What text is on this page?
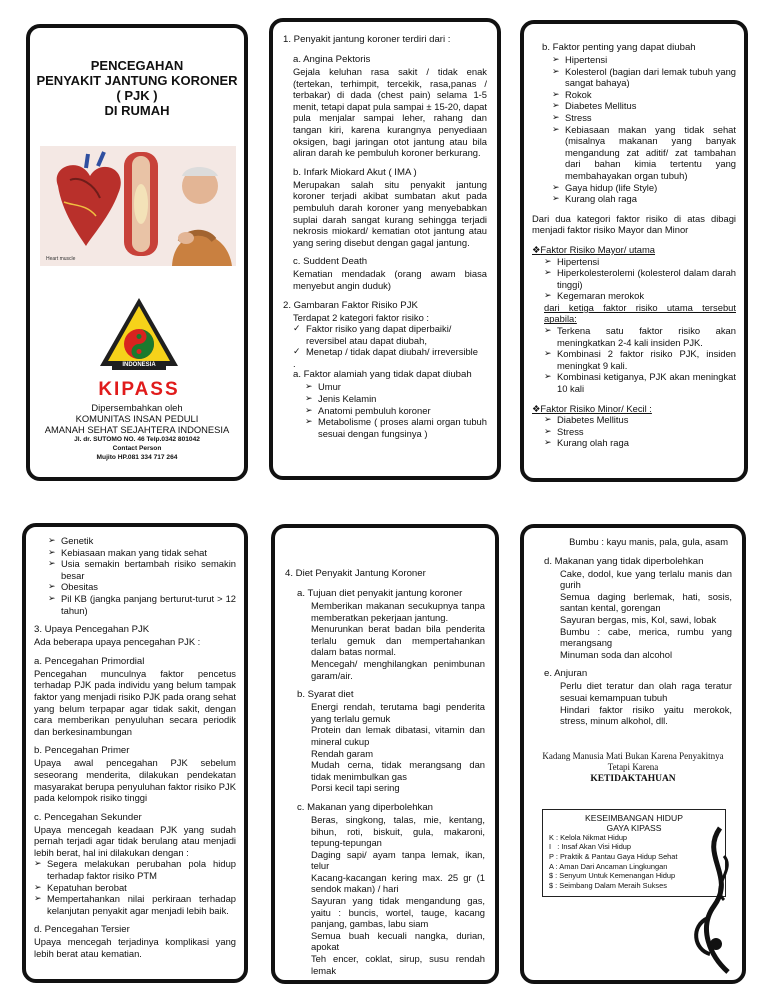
PENCEGAHAN
PENYAKIT JANTUNG KORONER
( PJK )
DI RUMAH
Heart muscle
INDONESIA
KIPASS
Dipersembahkan oleh
KOMUNITAS INSAN PEDULI
AMANAH SEHAT SEJAHTERA INDONESIA
Jl. dr. SUTOMO NO. 46 Telp.0342 801042
Contact Person
Mujito HP.081 334 717 264

1. Penyakit jantung koroner terdiri dari :

a. Angina Pektoris

Gejala keluhan rasa sakit / tidak enak (tertekan, terhimpit, tercekik, rasa,panas / terbakar) di dada (chest pain) selama 1-5 menit, tetapi dapat pula sampai ± 15-20, dapat pula menjalar sampai leher, rahang dan tangan kiri, karena kurangnya penyediaan oksigen, bagi jaringan otot jantung atau bila aliran darah ke pembuluh koroner berkurang.

b. Infark Miokard Akut ( IMA )

Merupakan salah situ penyakit jantung koroner terjadi akibat sumbatan akut pada pembuluh darah koroner yang menyebabkan suplai darah sangat kurang sehingga terjadi nekrosis miokard/ kematian otot jantung atau yang sering disebut dengan gagal jantung.

c. Suddent Death

Kematian mendadak (orang awam biasa menyebut angin duduk)

2. Gambaran Faktor Risiko PJK

Terdapat 2 kategori faktor risiko :

✓ Faktor risiko yang dapat diperbaiki/ reversibel atau dapat diubah,
✓ Menetap / tidak dapat diubah/ irreversible

.

a. Faktor alamiah yang tidak dapat diubah

➢ Umur
➢ Jenis Kelamin
➢ Anatomi pembuluh koroner
➢ Metabolisme ( proses alami organ tubuh sesuai dengan fungsinya )

b. Faktor penting yang dapat diubah

➢ Hipertensi
➢ Kolesterol (bagian dari lemak tubuh yang sangat bahaya)
➢ Rokok
➢ Diabetes Mellitus
➢ Stress
➢ Kebiasaan makan yang tidak sehat (misalnya makanan yang banyak mengandung zat aditif/ zat tambahan dari bahan kimia tertentu yang membahayakan organ tubuh)
➢ Gaya hidup (life Style)
➢ Kurang olah raga

Dari dua kategori faktor risiko di atas dibagi menjadi faktor risiko Mayor dan Minor

❖ Faktor Risiko Mayor/ utama

➢ Hipertensi
➢ Hiperkolesterolemi (kolesterol dalam darah tinggi)
➢ Kegemaran merokok

dari ketiga faktor risiko utama tersebut apabila:

➢ Terkena satu faktor risiko akan meningkatkan 2-4 kali insiden PJK.
➢ Kombinasi 2 faktor risiko PJK, insiden meningkat 9 kali.
➢ Kombinasi ketiganya, PJK akan meningkat 10 kali

❖ Faktor Risiko Minor/ Kecil :

➢ Diabetes Mellitus
➢ Stress
➢ Kurang olah raga
➢ Genetik
➢ Kebiasaan makan yang tidak sehat
➢ Usia semakin bertambah risiko semakin besar
➢ Obesitas
➢ Pil KB (jangka panjang berturut-turut > 12 tahun)

3. Upaya Pencegahan PJK

Ada beberapa upaya pencegahan PJK :

a. Pencegahan Primordial

Pencegahan munculnya faktor pencetus terhadap PJK pada individu yang belum tampak faktor yang menjadi risiko PJK pada orang sehat yang belum terpapar agar tidak sakit, dengan cara memberikan penyuluhan secara periodik dan berkesinambungan

b. Pencegahan Primer

Upaya awal pencegahan PJK sebelum seseorang menderita, dilakukan pendekatan masyarakat berupa penyuluhan faktor risiko PJK pada kelompok risiko tinggi

c. Pencegahan Sekunder

Upaya mencegah keadaan PJK yang sudah pernah terjadi agar tidak berulang atau menjadi lebih berat, hal ini dilakukan dengan :

➢ Segera melakukan perubahan pola hidup terhadap faktor risiko PTM
➢ Kepatuhan berobat
➢ Mempertahankan nilai perkiraan terhadap kelanjutan penyakit agar menjadi lebih baik.

d. Pencegahan Tersier

Upaya mencegah terjadinya komplikasi yang lebih berat atau kematian.

4. Diet Penyakit Jantung Koroner

a. Tujuan diet penyakit jantung koroner

Memberikan makanan secukupnya tanpa memberatkan pekerjaan jantung.

Menurunkan berat badan bila penderita terlalu gemuk dan mempertahankan dalam batas normal.

Mencegah/ menghilangkan penimbunan garam/air.

b. Syarat diet

Energi rendah, terutama bagi penderita yang terlalu gemuk

Protein dan lemak dibatasi, vitamin dan mineral cukup

Rendah garam

Mudah cerna, tidak merangsang dan tidak menimbulkan gas

Porsi kecil tapi sering

c. Makanan yang diperbolehkan

Beras, singkong, talas, mie, kentang, bihun, roti, biskuit, gula, makaroni, tepung-tepungan

Daging sapi/ ayam tanpa lemak, ikan, telur

Kacang-kacangan kering max. 25 gr (1 sendok makan) / hari

Sayuran yang tidak mengandung gas, yaitu : buncis, wortel, tauge, kacang panjang, gambas, labu siam

Semua buah kecuali nangka, durian, apokat

Teh encer, coklat, sirup, susu rendah lemak

Bumbu : kayu manis, pala, gula, asam

d. Makanan yang tidak diperbolehkan

Cake, dodol, kue yang terlalu manis dan gurih

Semua daging berlemak, hati, sosis, santan kental, gorengan

Sayuran bergas, mis, Kol, sawi, lobak

Bumbu : cabe, merica, rumbu yang merangsang

Minuman soda dan alcohol

e. Anjuran

Perlu diet teratur dan olah raga teratur sesuai kemampuan tubuh

Hindari faktor risiko yaitu merokok, stress, minum alkohol, dll.

Kadang Manusia Mati Bukan Karena Penyakitnya
Tetapi Karena
KETIDAKTAHUAN
KESEIMBANGAN HIDUP
GAYA KIPASS
K : Kelola Nikmat Hidup
I   : Insaf Akan Visi Hidup
P : Praktik & Pantau Gaya Hidup Sehat
A : Aman Dari Ancaman Lingkungan
$ : Senyum Untuk Kemenangan Hidup
$ : Seimbang Dalam Meraih Sukses
